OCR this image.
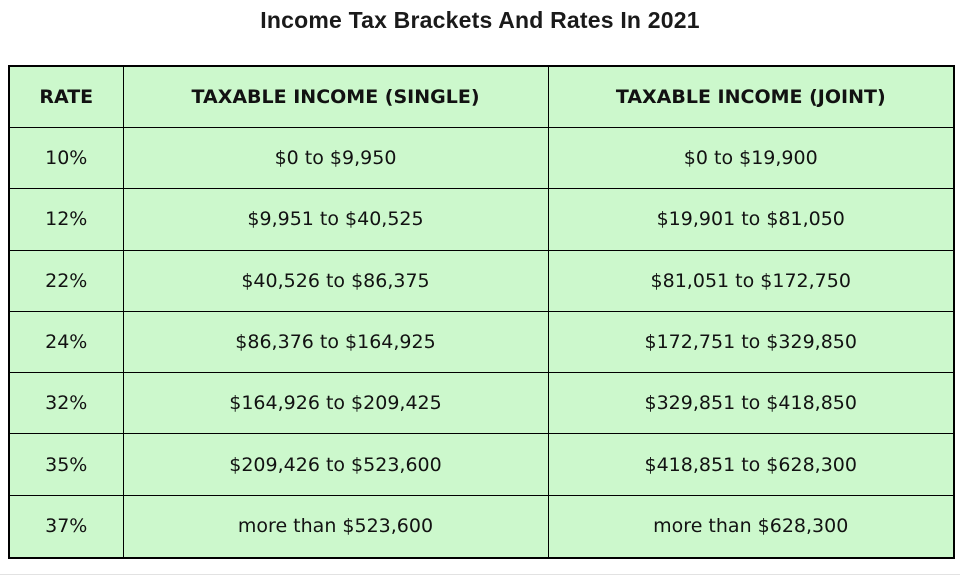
Income Tax Brackets And Rates In 2021
RATE	TAXABLE INCOME (SINGLE)	TAXABLE INCOME (JOINT)
10%	$0 to $9,950	$0 to $19,900
12%	$9,951 to $40,525	$19,901 to $81,050
22%	$40,526 to $86,375	$81,051 to $172,750
24%	$86,376 to $164,925	$172,751 to $329,850
32%	$164,926 to $209,425	$329,851 to $418,850
35%	$209,426 to $523,600	$418,851 to $628,300
37%	more than $523,600	more than $628,300
